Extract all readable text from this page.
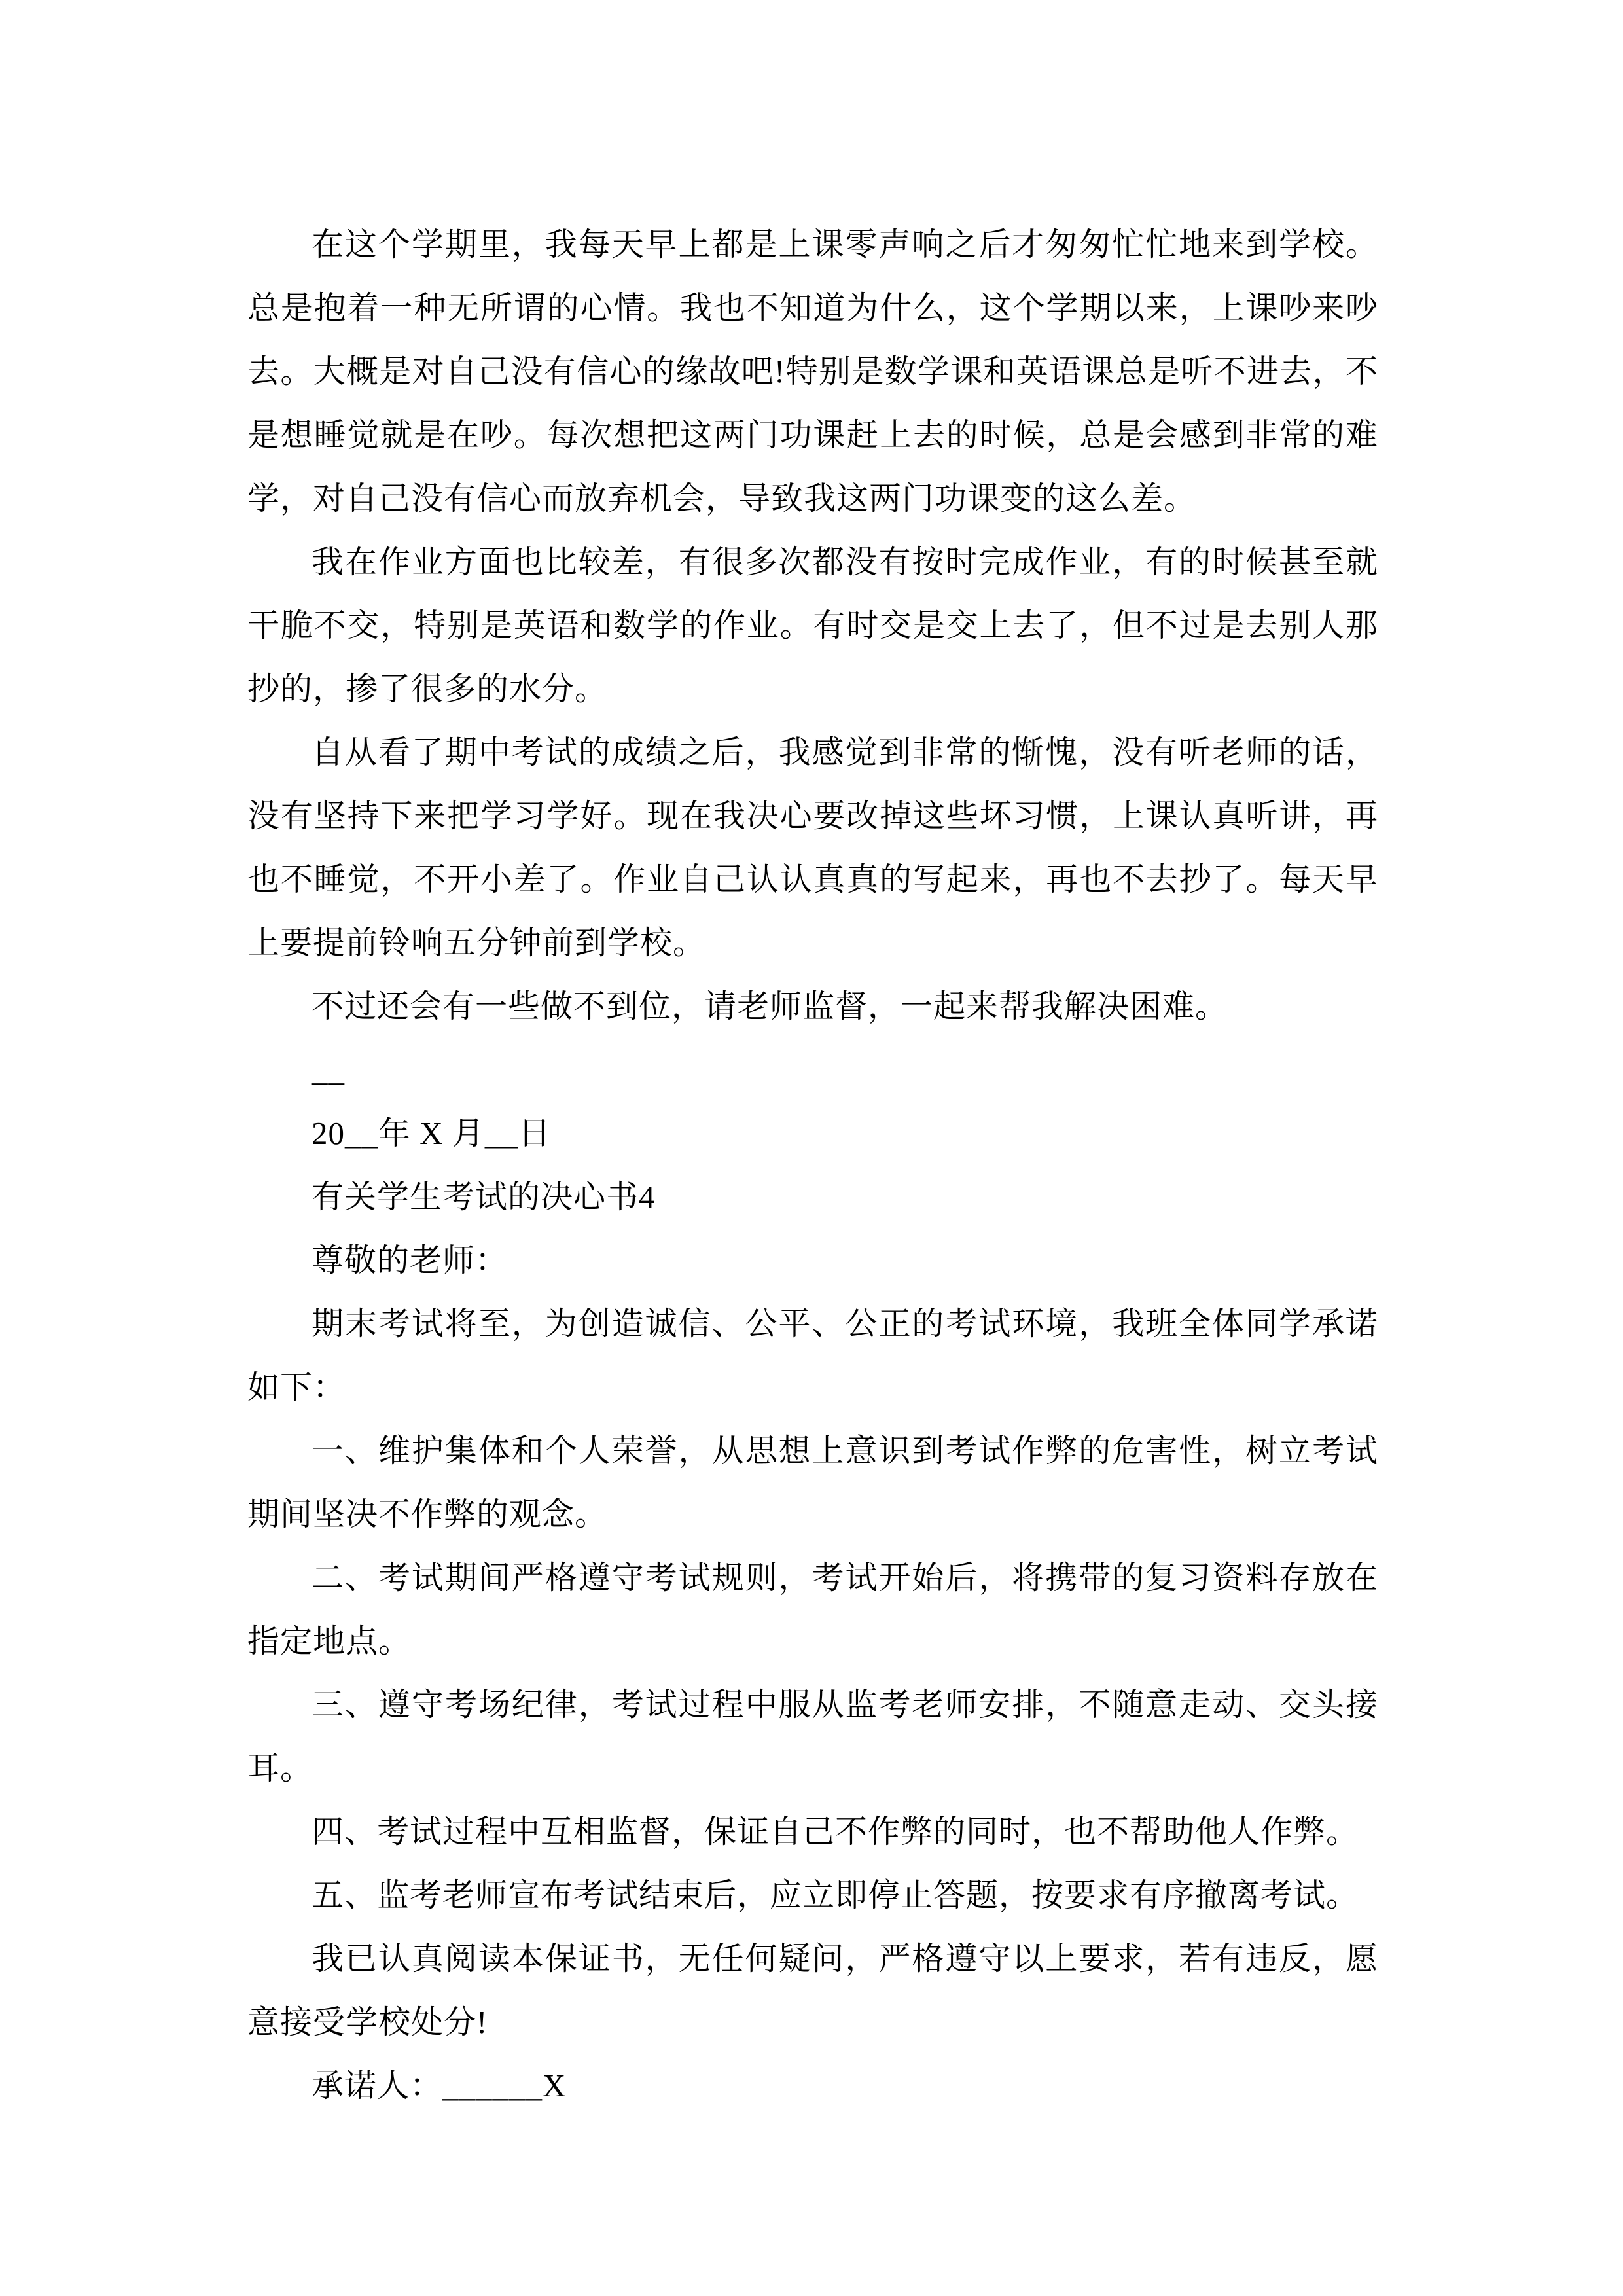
在这个学期里，我每天早上都是上课零声响之后才匆匆忙忙地来到学校。总是抱着一种无所谓的心情。我也不知道为什么，这个学期以来，上课吵来吵去。大概是对自己没有信心的缘故吧!特别是数学课和英语课总是听不进去，不是想睡觉就是在吵。每次想把这两门功课赶上去的时候，总是会感到非常的难学，对自己没有信心而放弃机会，导致我这两门功课变的这么差。

我在作业方面也比较差，有很多次都没有按时完成作业，有的时候甚至就干脆不交，特别是英语和数学的作业。有时交是交上去了，但不过是去别人那抄的，掺了很多的水分。

自从看了期中考试的成绩之后，我感觉到非常的惭愧，没有听老师的话，没有坚持下来把学习学好。现在我决心要改掉这些坏习惯，上课认真听讲，再也不睡觉，不开小差了。作业自己认认真真的写起来，再也不去抄了。每天早上要提前铃响五分钟前到学校。

不过还会有一些做不到位，请老师监督，一起来帮我解决困难。

__

20__年 X 月__日

有关学生考试的决心书4

尊敬的老师：

期末考试将至，为创造诚信、公平、公正的考试环境，我班全体同学承诺如下：

一、维护集体和个人荣誉，从思想上意识到考试作弊的危害性，树立考试期间坚决不作弊的观念。

二、考试期间严格遵守考试规则，考试开始后，将携带的复习资料存放在指定地点。

三、遵守考场纪律，考试过程中服从监考老师安排，不随意走动、交头接耳。

四、考试过程中互相监督，保证自己不作弊的同时，也不帮助他人作弊。

五、监考老师宣布考试结束后，应立即停止答题，按要求有序撤离考试。

我已认真阅读本保证书，无任何疑问，严格遵守以上要求，若有违反，愿意接受学校处分!

承诺人：______X
